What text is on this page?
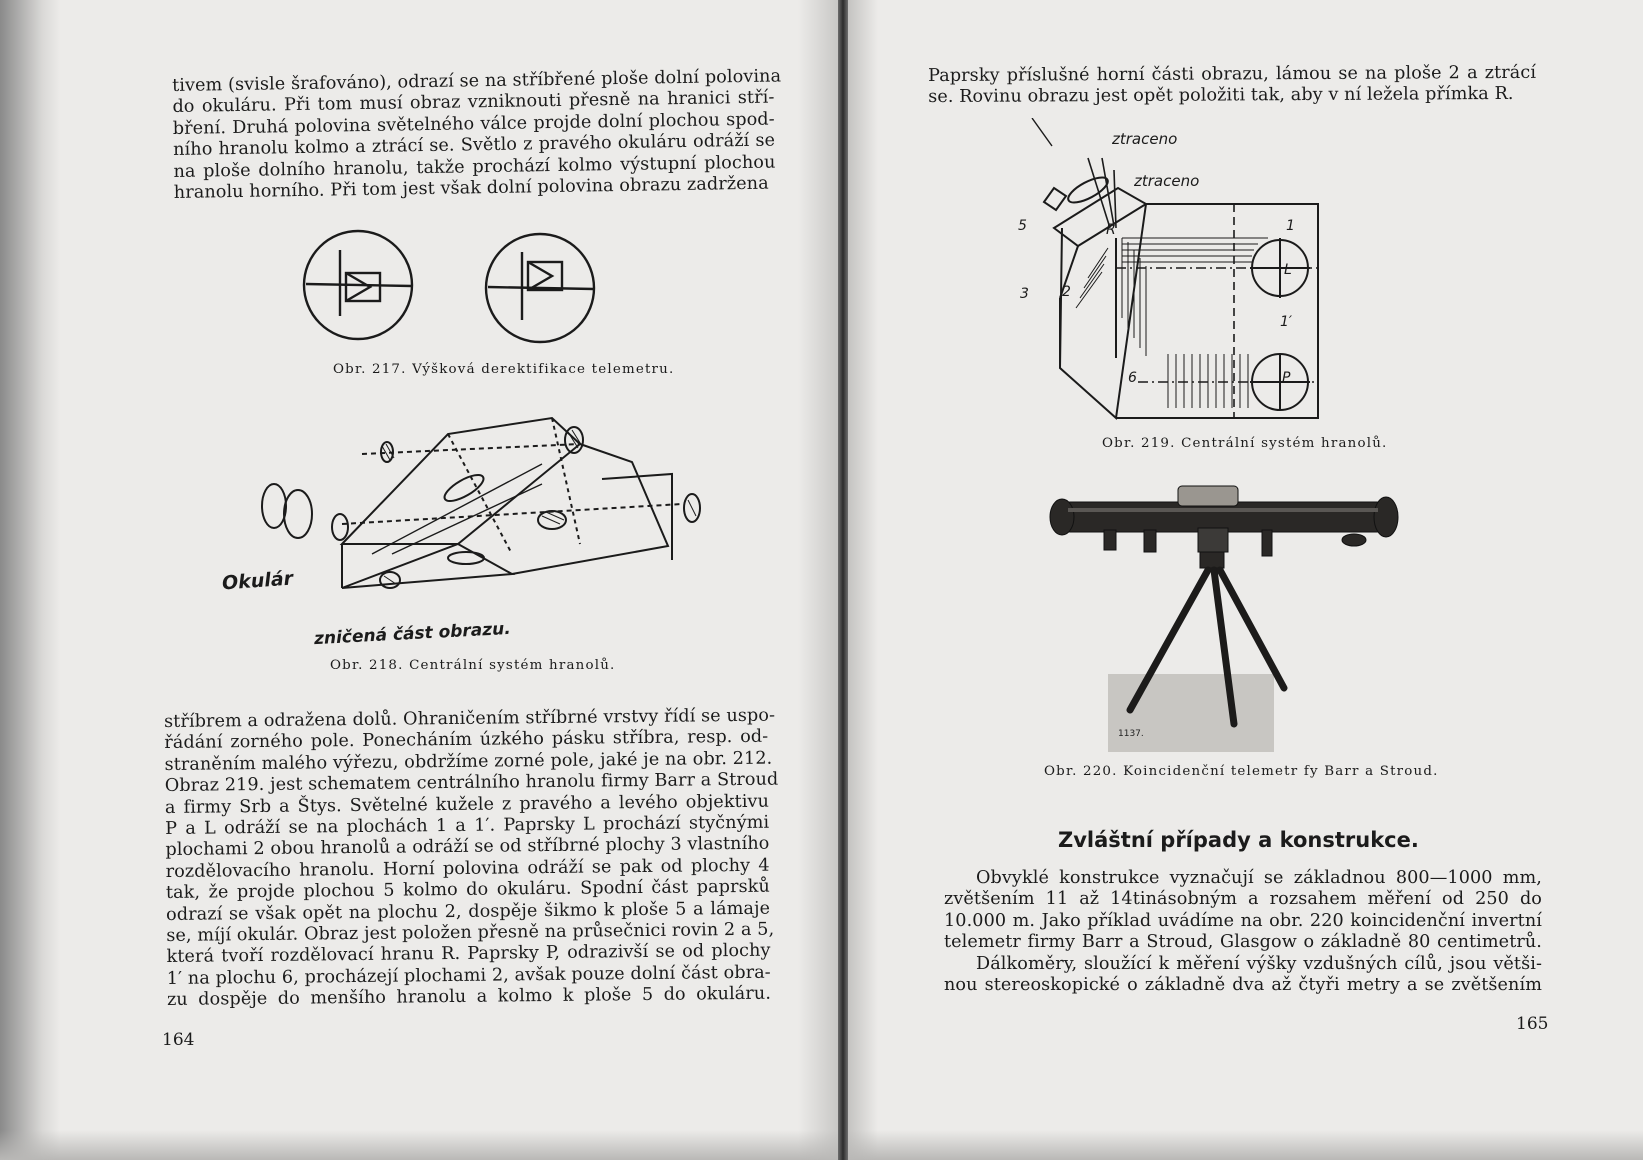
tivem (svisle šrafováno), odrazí se na stříbřené ploše dolní polovina
do okuláru. Při tom musí obraz vzniknouti přesně na hranici stří-
bření. Druhá polovina světelného válce projde dolní plochou spod-
ního hranolu kolmo a ztrácí se. Světlo z pravého okuláru odráží se
na ploše dolního hranolu, takže prochází kolmo výstupní plochou
hranolu horního. Při tom jest však dolní polovina obrazu zadržena
Obr. 217. Výšková derektifikace telemetru.
Okulár
zničená část obrazu.
Obr. 218. Centrální systém hranolů.
stříbrem a odražena dolů. Ohraničením stříbrné vrstvy řídí se uspo-
řádání zorného pole. Ponecháním úzkého pásku stříbra, resp. od-
straněním malého výřezu, obdržíme zorné pole, jaké je na obr. 212.
Obraz 219. jest schematem centrálního hranolu firmy Barr a Stroud
a firmy Srb a Štys. Světelné kužele z pravého a levého objektivu
P a L odráží se na plochách 1 a 1′. Paprsky L prochází styčnými
plochami 2 obou hranolů a odráží se od stříbrné plochy 3 vlastního
rozdělovacího hranolu. Horní polovina odráží se pak od plochy 4
tak, že projde plochou 5 kolmo do okuláru. Spodní část paprsků
odrazí se však opět na plochu 2, dospěje šikmo k ploše 5 a lámaje
se, míjí okulár. Obraz jest položen přesně na průsečnici rovin 2 a 5,
která tvoří rozdělovací hranu R. Paprsky P, odrazivší se od plochy
1′ na plochu 6, procházejí plochami 2, avšak pouze dolní část obra-
zu dospěje do menšího hranolu a kolmo k ploše 5 do okuláru.
164
Paprsky příslušné horní části obrazu, lámou se na ploše 2 a ztrácí
se. Rovinu obrazu jest opět položiti tak, aby v ní ležela přímka R.
ztraceno
ztraceno
5	R	1
3 2
L
1′
6	P
Obr. 219. Centrální systém hranolů.
1137.
Obr. 220. Koincidenční telemetr fy Barr a Stroud.
Zvláštní případy a konstrukce.
Obvyklé konstrukce vyznačují se základnou 800—1000 mm,
zvětšením 11 až 14tinásobným a rozsahem měření od 250 do
10.000 m. Jako příklad uvádíme na obr. 220 koincidenční invertní
telemetr firmy Barr a Stroud, Glasgow o základně 80 centimetrů.
Dálkoměry, sloužící k měření výšky vzdušných cílů, jsou větši-
nou stereoskopické o základně dva až čtyři metry a se zvětšením
165
